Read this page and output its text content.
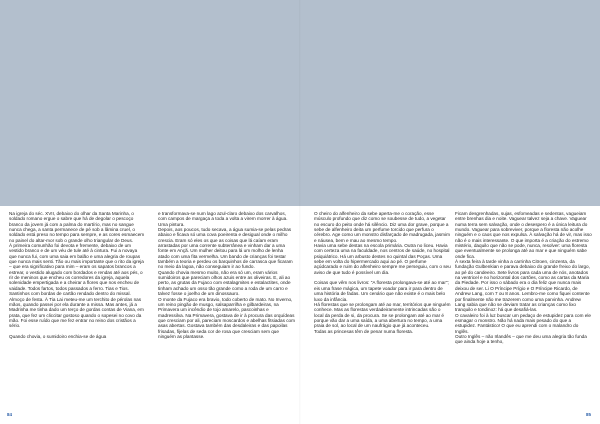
Na igreja do séc. XVII, debaixo do olhar da Santa Marinha, o soldado romano ergue o sabre que há de degolar o pescoço branco da jovem já com a palma do martírio, mas no sangue nunca chega, a santa permanece de pé sob a lâmina cruel, o soldado está preso no tempo para sempre, e as cores esmaecem no painel do altar-mor sob o grande olho triangular de Deus.
À primeira comunhão foi devota e fremente, debaixo de um vestido branco e de um véu de tule até à cintura. Fui a novaya que nunca fui, com uma saia em balão e uma alegria de roupas que nunca mais senti. Tão ou mais importante que o rito da igreja – que era significativo para mim – eram os sapatos brancos a estrear, o vestido alugado com bordados e rendas até aos pés, o rir de meninos que encheu os corredores da igreja, aquela solenidade empertigada e a cheirar a flores que nos encheu de vaidade. Todos fartos, todos passados a ferro. Tias e Tios. Santinhos com bordas de cartão rendado dentro do missal. Almoço de festa. À Tia Lai meteu-me um terchito de pérolas nas mãos, quando passei por ela durante a missa. Mas antes, já a Madrinha me tinha dado um terço de gordas contas de Viana, em prata, que fez um cliccitar gostoso quando o sopesei no covo da mão. Foi esse ruído que me fez entrar no reino dos cristãos a sério.

Quando chovia, o sumidoiro enchia-se de água
e transformava-se num lago azul-claro debaixo dos carvalhos, com campos de margaça a toda a volta a virem morrer à água. Uma pintura.
Depois, aos poucos, tudo secava, a água sumia-se pelas pedras abaixo e ficava só uma cova poeirenta e desigual onde o milho crescia. Eram só eles os que as coisas que lá caíam eram arrastadas por uma corrente subterrânea e vinham dar a uma fonte em Ançã. Um mulher deitou para lá um molho de lenha atado com uma fita vermelha. Um bando de crianças foi testar também a teoria e perdeu os barquinhos de carrasca que ficaram no meio da lagoa, não conseguiam ir ao fundo.
Quando chovia mesmo muito, não era só um, eram vários sumidoiros que pareciam olhos azuis entre as oliveiras. E, ali ao perto, as grutas da Fujaco com estalagmites e estalactites, onde tinham achado um osso tão grande como a roda de um carro e talvez fosse o joelho de um dinossauro.
O monte da Fujaco era bravio, todo coberto de mato. No Inverno, um reino pingão de musgo, salsaparrilha e gilbardeiras, na Primavera um incêndio de tojo amarelo, pascoinhas e madressilva. Na Primavera, gostava de ir à procura das orquídeas que cresciam por ali, pareciam moscardos e abelhas fitsiadas com asas abertas. Gostava também das desdaleiras e das papoilas frisadas, fijelas de seda cor de rosa que cresciam sem que ninguém as plantasse.
O cheiro do alfenheiro da sebe aperta-me o coração, esse músculo profundo que diz como se soubesse de tudo, a vegetar no escuro do peito onde há silêncio. Diz uma dor grave, porque a sebe de alfenheiro deita um perfume torcido que perfura o cérebro. Age como um monstro disfarçado de madrugada, jasmim e náusea, bem e mau ao mesmo tempo.
Havia uma sebe destas na escola primária. Outra no liceu. Havia com certeza uma na faculdade, nos centros de saúde, no hospital psiquiátrico. Há um arbusto destes no quintal das Poças. Uma sebe em volta do hipermercado aqui ao pé. O perfume açúdcarado e ruim do alfenheiro sempre me perseguiu, com o seu aviso de que tudo é possível um dia.

Coisas que vêm nos livros: "A floresta prolongava-se até ao mar"; eis uma frase mágica, um tapete voador para ir para dentro de uma história de fadas. Um cenário que não existe é o mais belo luxo da infância.
Há florestas que se prolongam até ao mar, territórios que ninguém conhece. Mas as florestas verdadeiramente intrincadas são o local da perda de si, da procura. Se se prolongam até ao mar é porque vão dar a uma saída, a uma abertura no tempo, a uma praia de sol, ao local de um naufrágio que já aconteceu.
Todas as princesas têm de penar numa floresta.
Ficam desgrenhadas, sujas, esfomeadas e sedentas, vagueiam entre brenhas dia e noite. Vaguear talvez seja a chave. Vaguear numa terra sem salvação, onde o desespero é a única leitura do mundo. Vaguear para sobreviver, porque a floresta não acolhe ninguém e o caos que nos expulsa. À salvação há de vir, mas isso não é o mais interessante. O que importa é a criação do estremo mistério, daquilo que não se pode, nunca, resolver: uma floresta que eventualmente se prolonga até ao mar e que ninguém sabe onde fica.
À sexta feira à tarde vinha a carrinha Citroen, cinzenta, da fundação Gulbenkian e parava debaixo do grande freixo do largo, ao pé do candeeiro. Sete livros para cada uma de nós, anotados na ventricel e no horizontal dos cartões, como as cartas da Maria da Piedade. Por isso o sábado era o dia feliz que nunca mais deixou de ser. Li O Príncipe Prígio e O Príncipe Ricardo, de Andrew Lang, com 7 ou 8 anos. Lembro-me como fiquei contente por finalmente não me trazerem como uma parvinha. Andrew Lang sabia que não se deviam tratar as crianças como lixo tranquilo e tondinoz: há que desafiá-las.
O cavaleiro foi à luz buscar um pedaço de estupidez para com ele esmagar o monstro. Não há nada mais pesado do que a estupidez. Fantástico! O que eu aprendi com o malandro do Inglês.
Outro Inglês – não Irlandês – que me deu uma alegria tão funda que ainda hoje a tenho,
84	85
